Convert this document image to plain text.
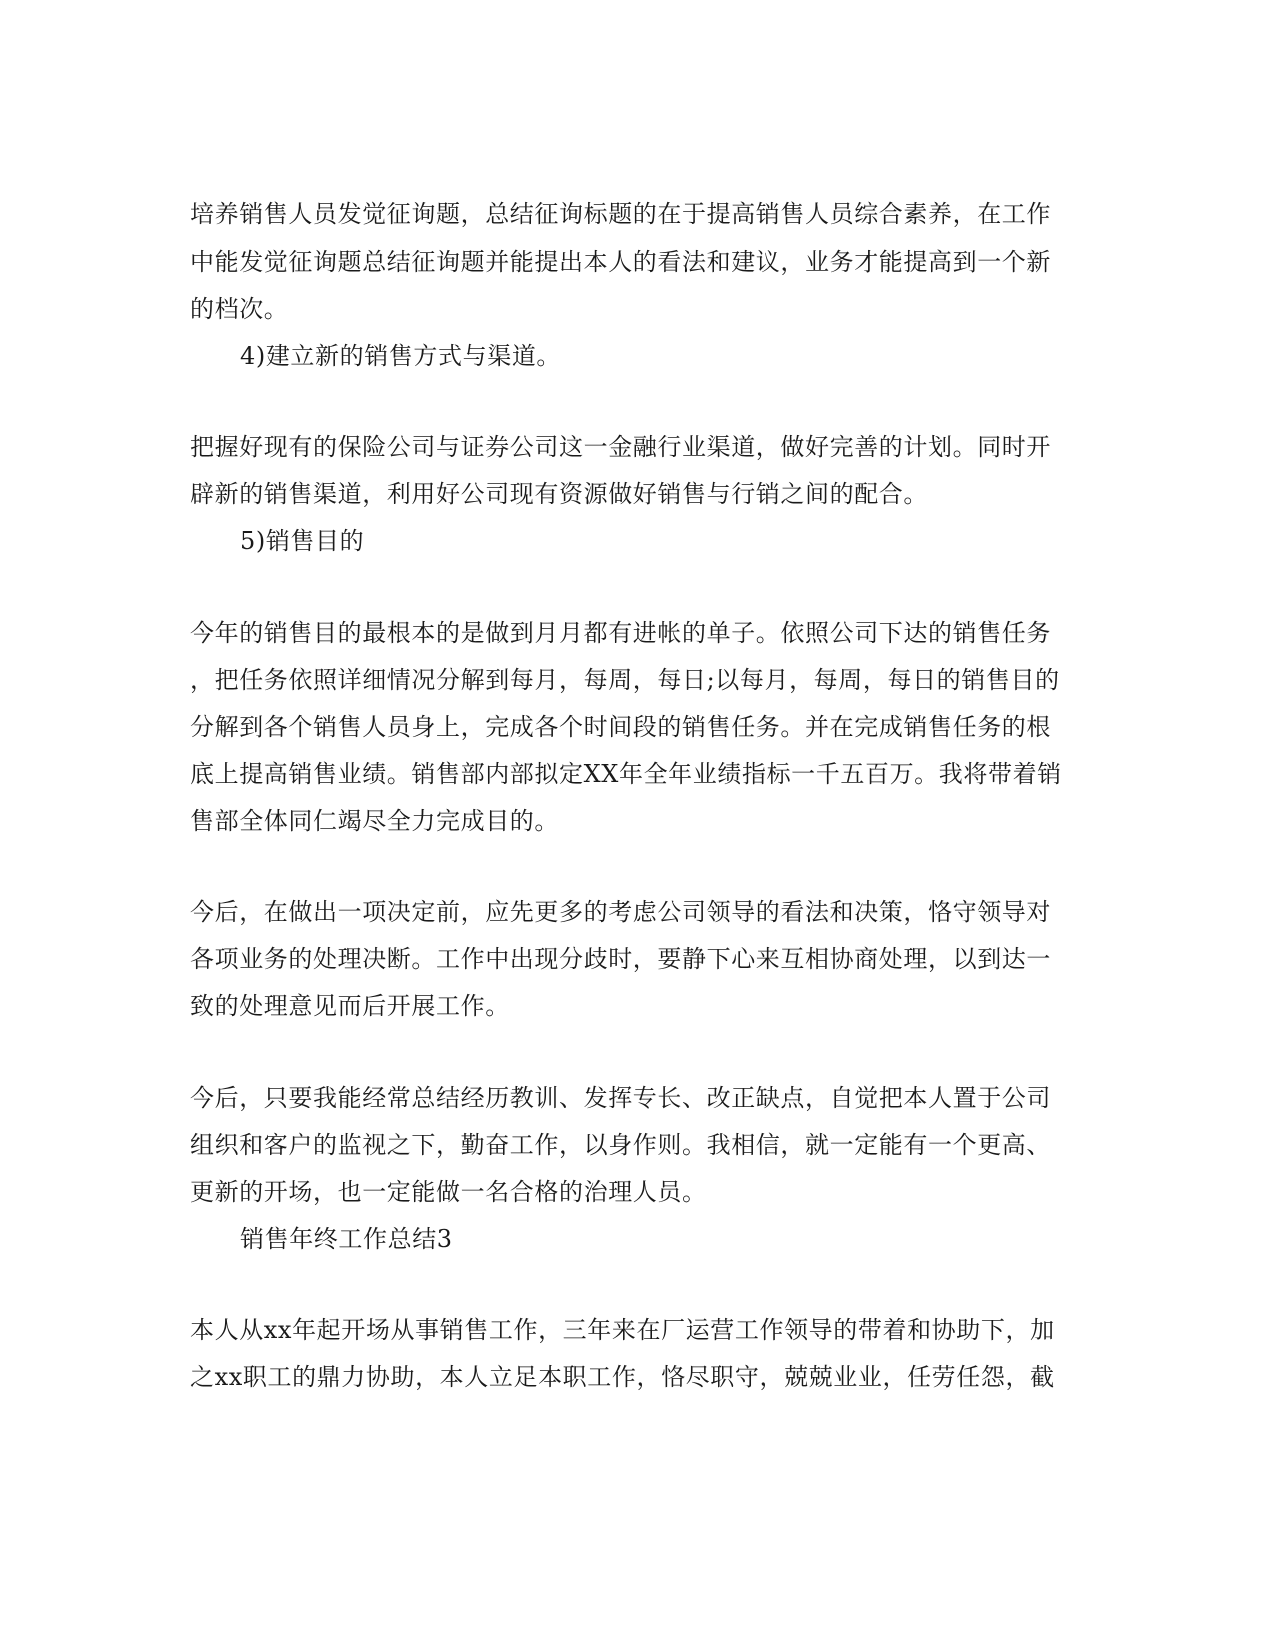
培养销售人员发觉征询题，总结征询标题的在于提高销售人员综合素养，在工作
中能发觉征询题总结征询题并能提出本人的看法和建议，业务才能提高到一个新
的档次。
4)建立新的销售方式与渠道。
把握好现有的保险公司与证券公司这一金融行业渠道，做好完善的计划。同时开
辟新的销售渠道，利用好公司现有资源做好销售与行销之间的配合。
5)销售目的
今年的销售目的最根本的是做到月月都有进帐的单子。依照公司下达的销售任务
，把任务依照详细情况分解到每月，每周，每日;以每月，每周，每日的销售目的
分解到各个销售人员身上，完成各个时间段的销售任务。并在完成销售任务的根
底上提高销售业绩。销售部内部拟定XX年全年业绩指标一千五百万。我将带着销
售部全体同仁竭尽全力完成目的。
今后，在做出一项决定前，应先更多的考虑公司领导的看法和决策，恪守领导对
各项业务的处理决断。工作中出现分歧时，要静下心来互相协商处理，以到达一
致的处理意见而后开展工作。
今后，只要我能经常总结经历教训、发挥专长、改正缺点，自觉把本人置于公司
组织和客户的监视之下，勤奋工作，以身作则。我相信，就一定能有一个更高、
更新的开场，也一定能做一名合格的治理人员。
销售年终工作总结3
本人从xx年起开场从事销售工作，三年来在厂运营工作领导的带着和协助下，加
之xx职工的鼎力协助，本人立足本职工作，恪尽职守，兢兢业业，任劳任怨，截
